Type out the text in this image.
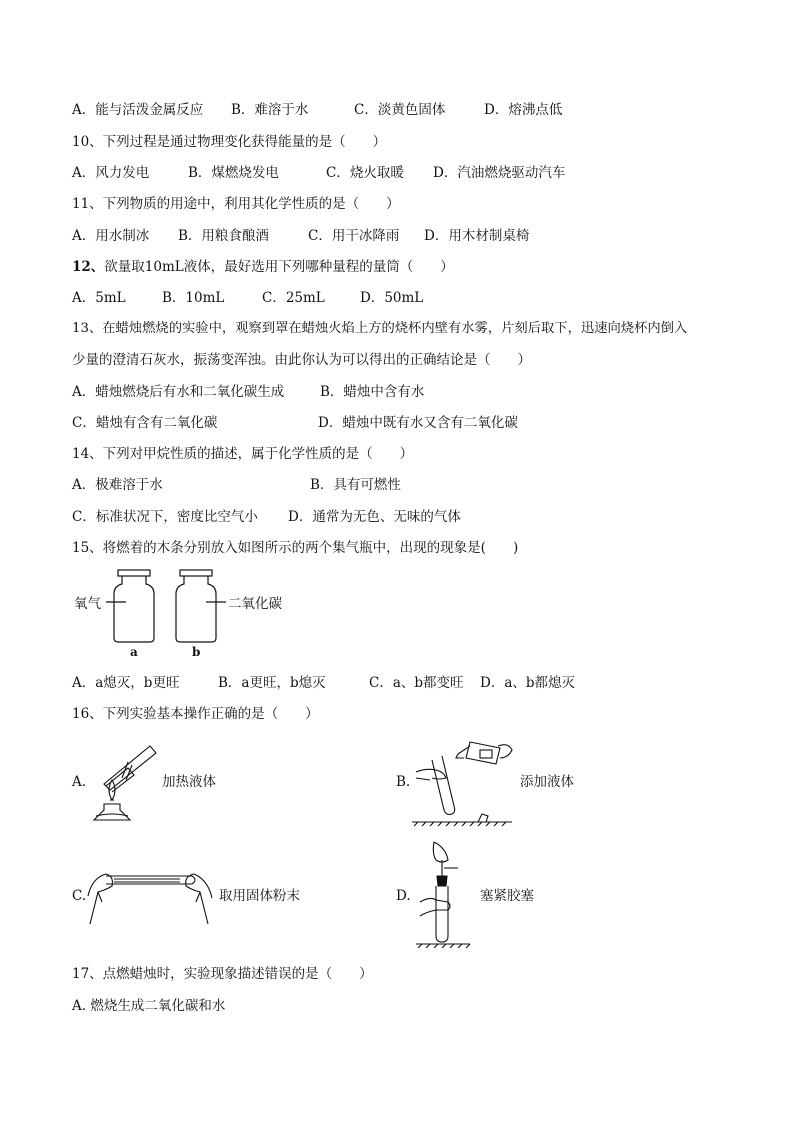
A．能与活泼金属反应 B．难溶于水	C．淡黄色固体	D．熔沸点低
10、下列过程是通过物理变化获得能量的是（　　）
A．风力发电	B．煤燃烧发电	C．烧火取暖 D．汽油燃烧驱动汽车
11、下列物质的用途中，利用其化学性质的是（　　）
A．用水制冰 B．用粮食酿酒	C．用干冰降雨 D．用木材制桌椅
12、欲量取10mL液体，最好选用下列哪种量程的量筒（　　）
A．5mL	B．10mL	C．25mL	D．50mL
13、在蜡烛燃烧的实验中，观察到罩在蜡烛火焰上方的烧杯内壁有水雾，片刻后取下，迅速向烧杯内倒入
少量的澄清石灰水，振荡变浑浊。由此你认为可以得出的正确结论是（　　）
A．蜡烛燃烧后有水和二氧化碳生成	B．蜡烛中含有水
C．蜡烛有含有二氧化碳	D．蜡烛中既有水又含有二氧化碳
14、下列对甲烷性质的描述，属于化学性质的是（　　）
A．极难溶于水	B．具有可燃性
C．标准状况下，密度比空气小 D．通常为无色、无味的气体
15、将燃着的木条分别放入如图所示的两个集气瓶中，出现的现象是(　　)
氧气	二氧化碳
a	b
A．a熄灭，b更旺	B．a更旺，b熄灭	C．a、b都变旺 D．a、b都熄灭
16、下列实验基本操作正确的是（　　）
A.	加热液体	B.	添加液体
C.	取用固体粉末	D.	塞紧胶塞
17、点燃蜡烛时，实验现象描述错误的是（　　）
A. 燃烧生成二氧化碳和水
